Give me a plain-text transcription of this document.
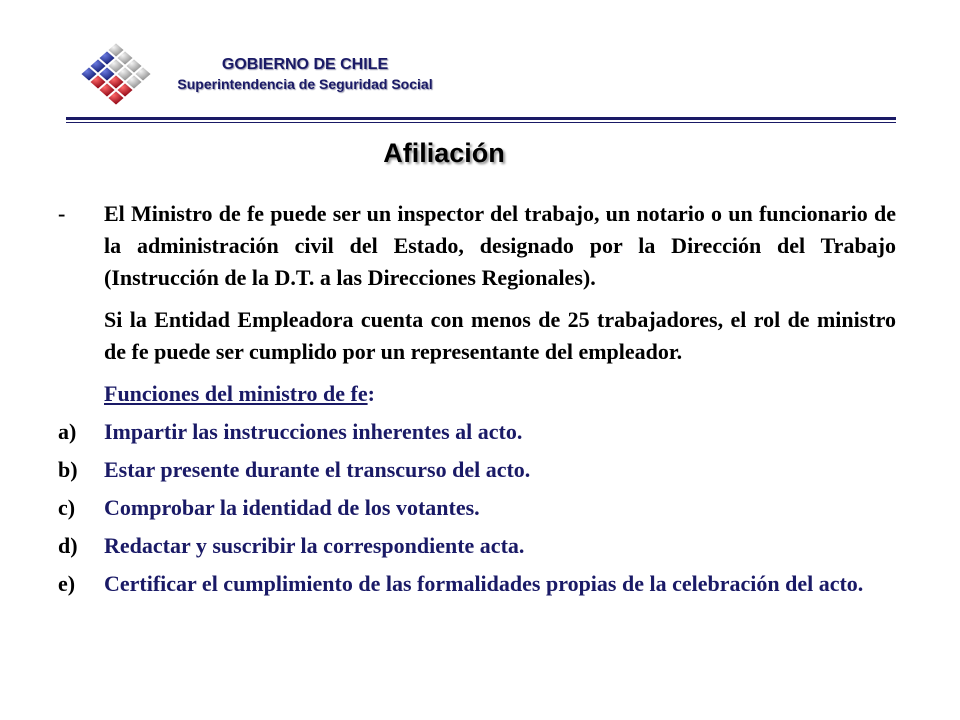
GOBIERNO DE CHILE
Superintendencia de Seguridad Social
Afiliación
-	El Ministro de fe puede ser un inspector del trabajo, un notario o un funcionario de la administración civil del Estado, designado por la Dirección del Trabajo (Instrucción de la D.T. a las Direcciones Regionales).
Si la Entidad Empleadora cuenta con menos de 25 trabajadores, el rol de ministro de fe puede ser cumplido por un representante del empleador.
Funciones del ministro de fe:
a)	Impartir las instrucciones inherentes al acto.
b)	Estar presente durante el transcurso del acto.
c)	Comprobar la identidad de los votantes.
d)	Redactar y suscribir la correspondiente acta.
e)	Certificar el cumplimiento de las formalidades propias de la celebración del acto.
